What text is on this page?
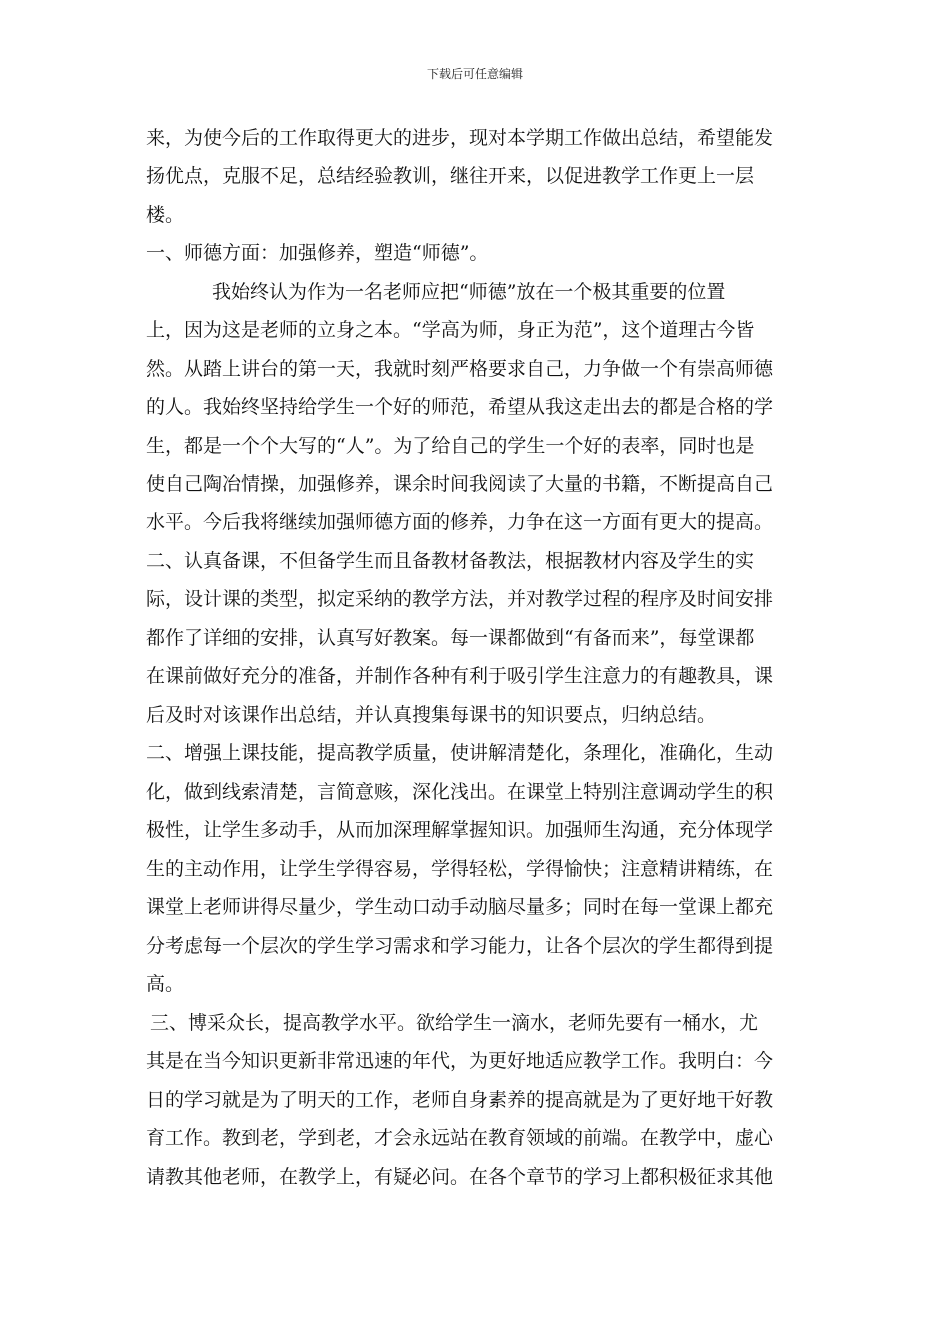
下载后可任意编辑
来，为使今后的工作取得更大的进步，现对本学期工作做出总结，希望能发
扬优点，克服不足，总结经验教训，继往开来，以促进教学工作更上一层
楼。
一、师德方面：加强修养，塑造“师德”。
我始终认为作为一名老师应把“师德”放在一个极其重要的位置
上，因为这是老师的立身之本。“学高为师，身正为范”，这个道理古今皆
然。从踏上讲台的第一天，我就时刻严格要求自己，力争做一个有崇高师德
的人。我始终坚持给学生一个好的师范，希望从我这走出去的都是合格的学
生，都是一个个大写的“人”。为了给自己的学生一个好的表率，同时也是
使自己陶冶情操，加强修养，课余时间我阅读了大量的书籍，不断提高自己
水平。今后我将继续加强师德方面的修养，力争在这一方面有更大的提高。
二、认真备课，不但备学生而且备教材备教法，根据教材内容及学生的实
际，设计课的类型，拟定采纳的教学方法，并对教学过程的程序及时间安排
都作了详细的安排，认真写好教案。每一课都做到“有备而来”，每堂课都
在课前做好充分的准备，并制作各种有利于吸引学生注意力的有趣教具，课
后及时对该课作出总结，并认真搜集每课书的知识要点，归纳总结。
二、增强上课技能，提高教学质量，使讲解清楚化，条理化，准确化，生动
化，做到线索清楚，言简意赅，深化浅出。在课堂上特别注意调动学生的积
极性，让学生多动手，从而加深理解掌握知识。加强师生沟通，充分体现学
生的主动作用，让学生学得容易，学得轻松，学得愉快；注意精讲精练，在
课堂上老师讲得尽量少，学生动口动手动脑尽量多；同时在每一堂课上都充
分考虑每一个层次的学生学习需求和学习能力，让各个层次的学生都得到提
高。
三、博采众长，提高教学水平。欲给学生一滴水，老师先要有一桶水，尤
其是在当今知识更新非常迅速的年代，为更好地适应教学工作。我明白：今
日的学习就是为了明天的工作，老师自身素养的提高就是为了更好地干好教
育工作。教到老，学到老，才会永远站在教育领域的前端。在教学中，虚心
请教其他老师，在教学上，有疑必问。在各个章节的学习上都积极征求其他
